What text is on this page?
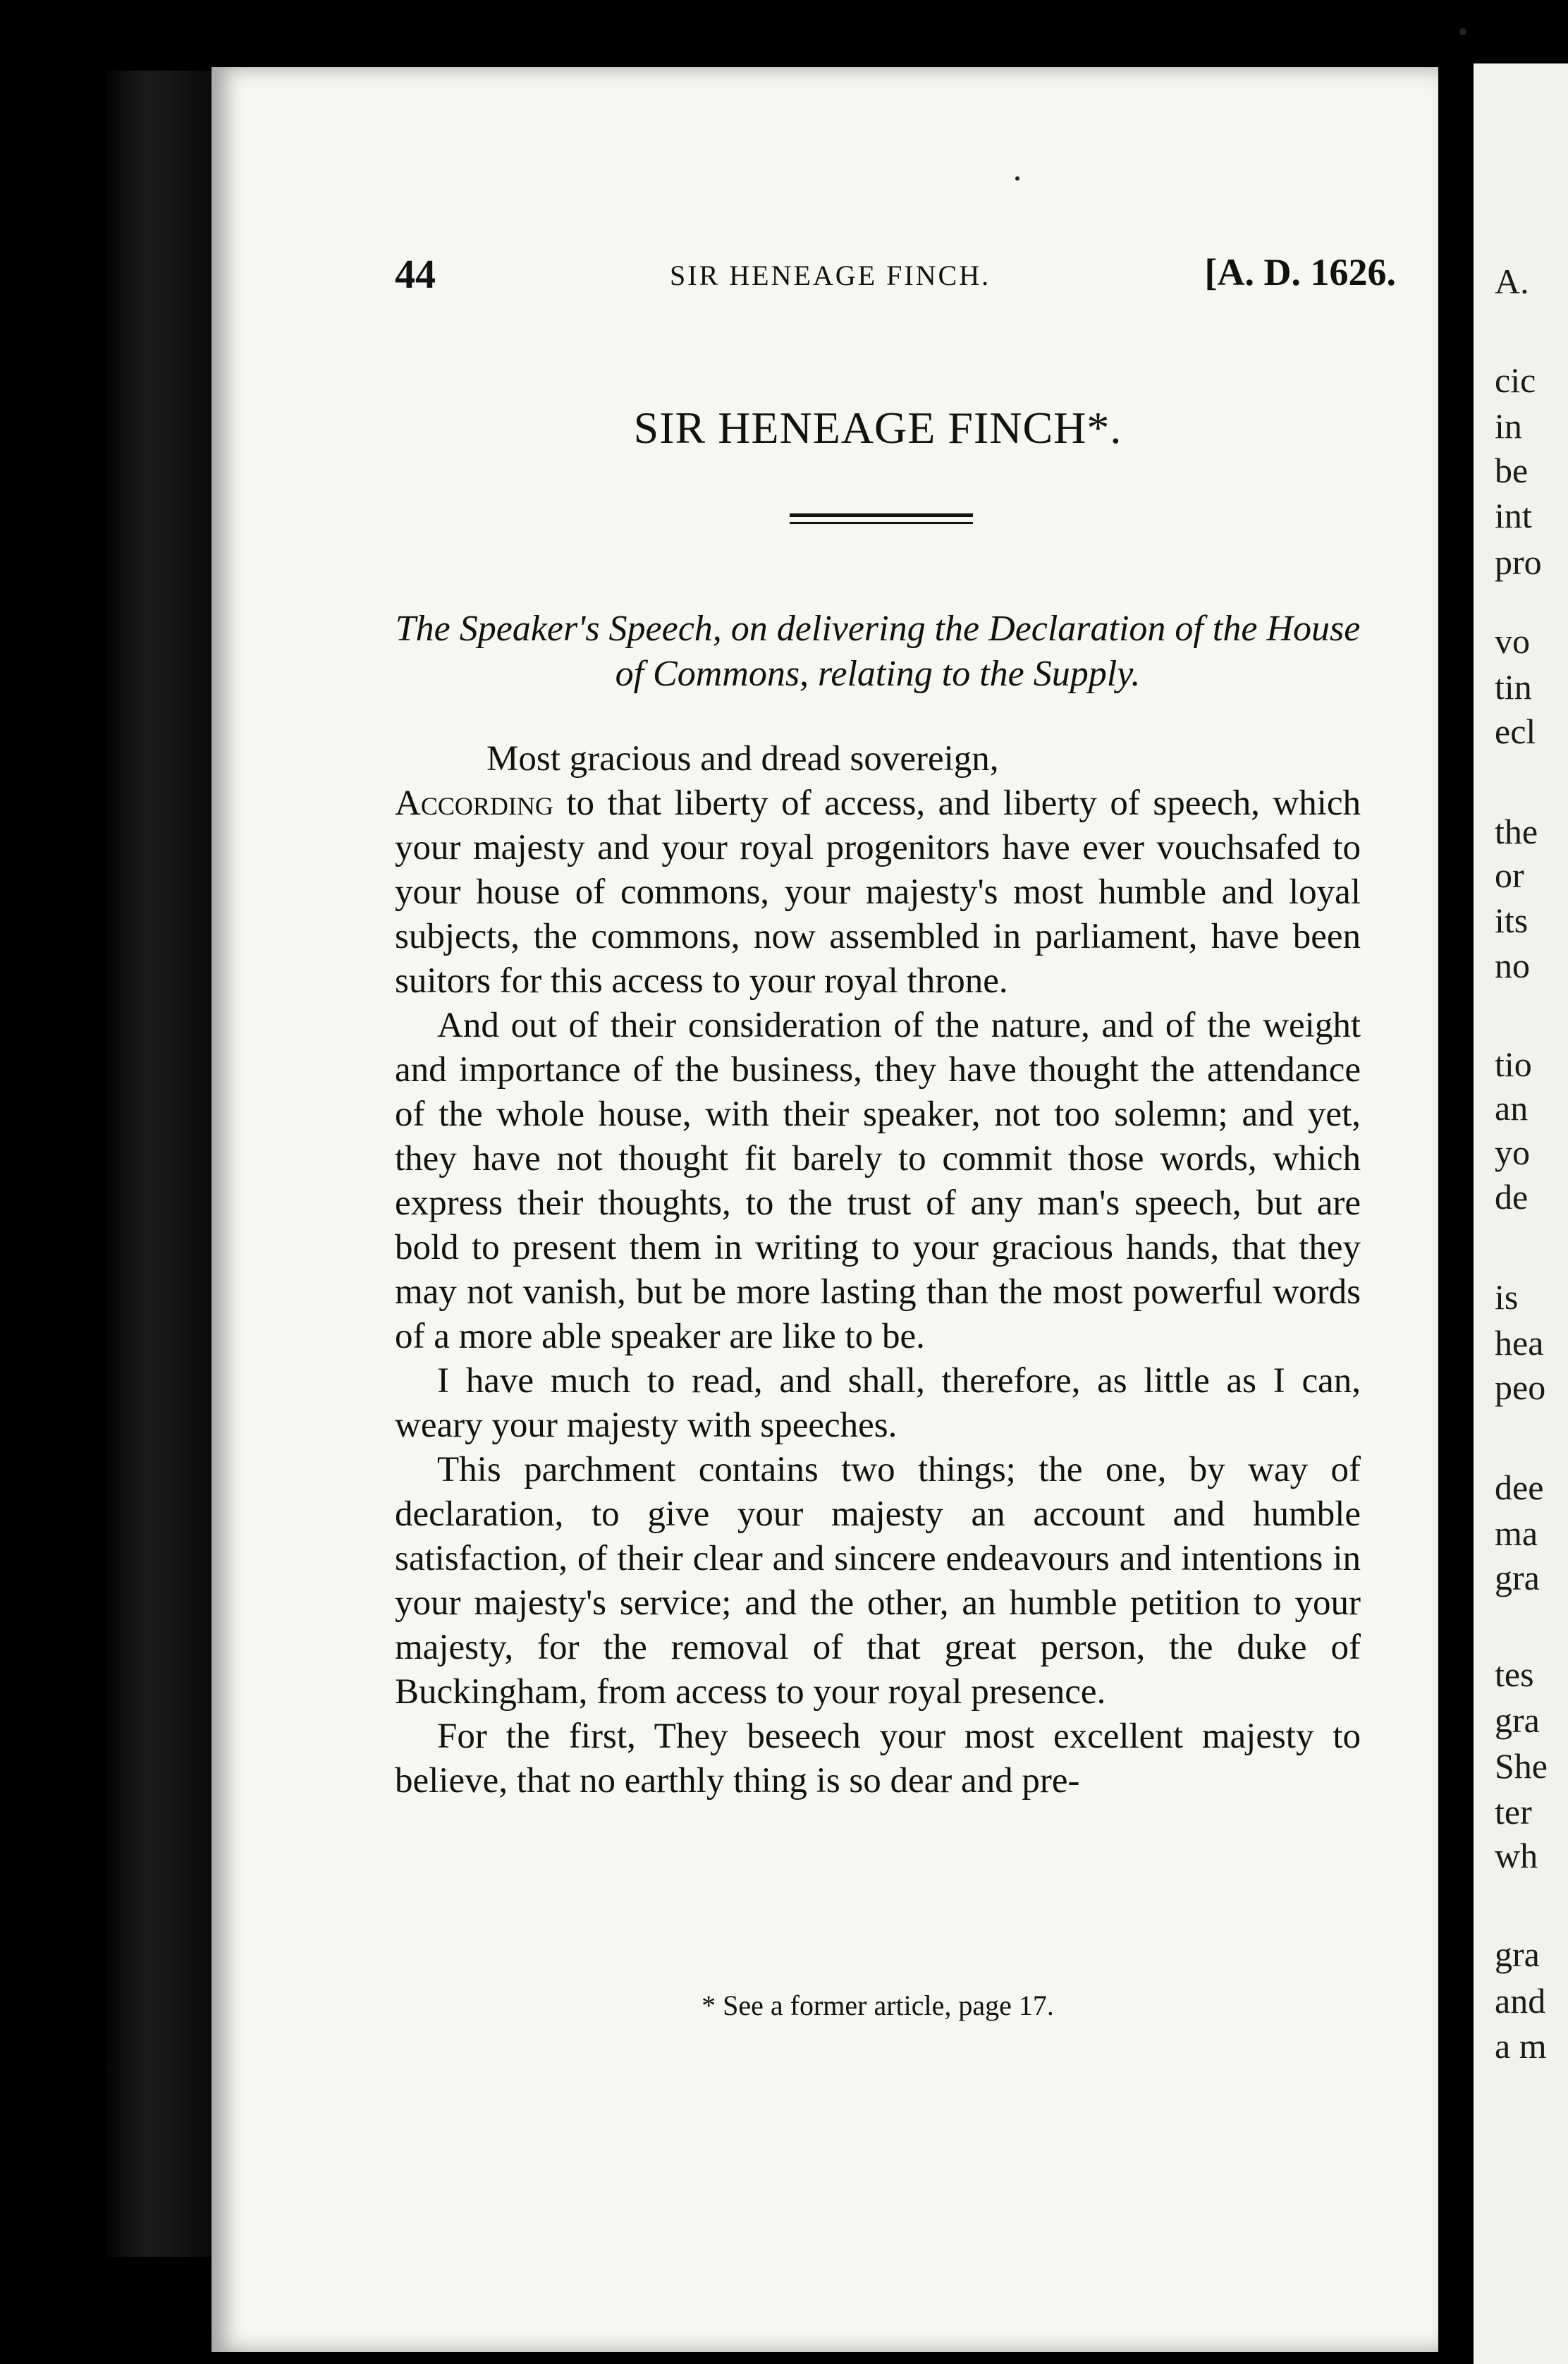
A.
cic
in
be
int
pro
vo
tin
ecl
the
or
its
no
tio
an
yo
de
is
hea
peo
dee
ma
gra
tes
gra
She
ter
wh
gra
and
a m
44	SIR HENEAGE FINCH.	[A. D. 1626.
SIR HENEAGE FINCH*.
The Speaker's Speech, on delivering the Declaration of the House of Commons, relating to the Supply.

Most gracious and dread sovereign,

According to that liberty of access, and liberty of speech, which your majesty and your royal progenitors have ever vouchsafed to your house of commons, your majesty's most humble and loyal subjects, the commons, now assembled in parliament, have been suitors for this access to your royal throne.

And out of their consideration of the nature, and of the weight and importance of the business, they have thought the attendance of the whole house, with their speaker, not too solemn; and yet, they have not thought fit barely to commit those words, which express their thoughts, to the trust of any man's speech, but are bold to present them in writing to your gracious hands, that they may not vanish, but be more lasting than the most powerful words of a more able speaker are like to be.

I have much to read, and shall, therefore, as little as I can, weary your majesty with speeches.

This parchment contains two things; the one, by way of declaration, to give your majesty an account and humble satisfaction, of their clear and sincere endeavours and intentions in your majesty's service; and the other, an humble petition to your majesty, for the removal of that great person, the duke of Buckingham, from access to your royal presence.

For the first, They beseech your most excellent majesty to believe, that no earthly thing is so dear and pre-

* See a former article, page 17.
